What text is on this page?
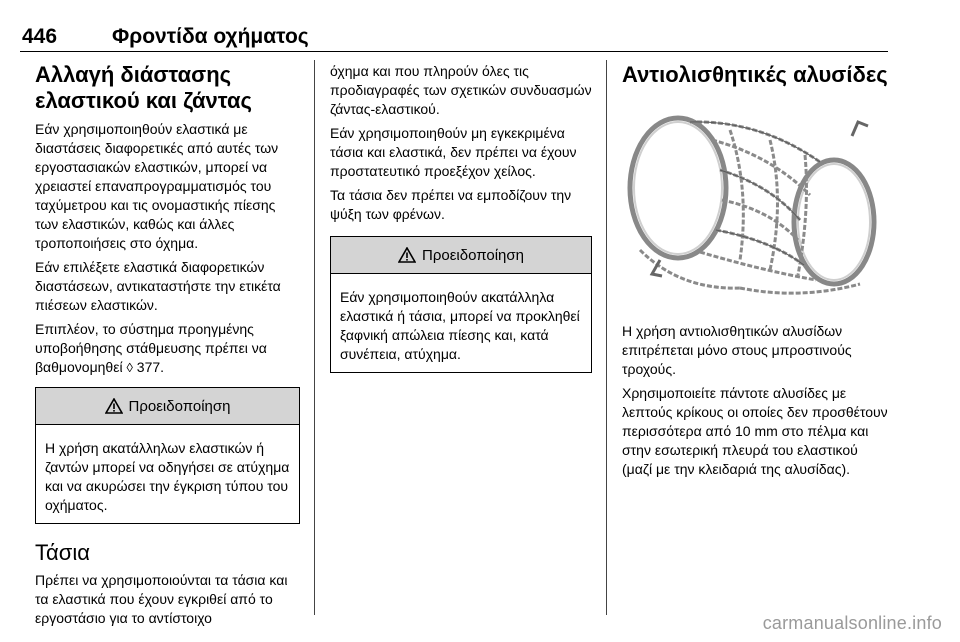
446	Φροντίδα οχήματος
Αλλαγή διάστασης ελαστικού και ζάντας

Εάν χρησιμοποιηθούν ελαστικά με διαστάσεις διαφορετικές από αυτές των εργοστασιακών ελαστικών, μπορεί να χρειαστεί επαναπρογραμματισμός του ταχύμετρου και τις ονομαστικής πίεσης των ελαστικών, καθώς και άλλες τροποποιήσεις στο όχημα.

Εάν επιλέξετε ελαστικά διαφορετικών διαστάσεων, αντικαταστήστε την ετικέτα πιέσεων ελαστικών.

Επιπλέον, το σύστημα προηγμένης υποβοήθησης στάθμευσης πρέπει να βαθμονομηθεί ◊ 377.

Προειδοποίηση
Η χρήση ακατάλληλων ελαστικών ή ζαντών μπορεί να οδηγήσει σε ατύχημα και να ακυρώσει την έγκριση τύπου του οχήματος.
Τάσια

Πρέπει να χρησιμοποιούνται τα τάσια και τα ελαστικά που έχουν εγκριθεί από το εργοστάσιο για το αντίστοιχο

όχημα και που πληρούν όλες τις προδιαγραφές των σχετικών συνδυασμών ζάντας-ελαστικού.

Εάν χρησιμοποιηθούν μη εγκεκριμένα τάσια και ελαστικά, δεν πρέπει να έχουν προστατευτικό προεξέχον χείλος.

Τα τάσια δεν πρέπει να εμποδίζουν την ψύξη των φρένων.

Προειδοποίηση
Εάν χρησιμοποιηθούν ακατάλληλα ελαστικά ή τάσια, μπορεί να προκληθεί ξαφνική απώλεια πίεσης και, κατά συνέπεια, ατύχημα.
Αντιολισθητικές αλυσίδες

Η χρήση αντιολισθητικών αλυσίδων επιτρέπεται μόνο στους μπροστινούς τροχούς.

Χρησιμοποιείτε πάντοτε αλυσίδες με λεπτούς κρίκους οι οποίες δεν προσθέτουν περισσότερα από 10 mm στο πέλμα και στην εσωτερική πλευρά του ελαστικού (μαζί με την κλειδαριά της αλυσίδας).

carmanualsonline.info
